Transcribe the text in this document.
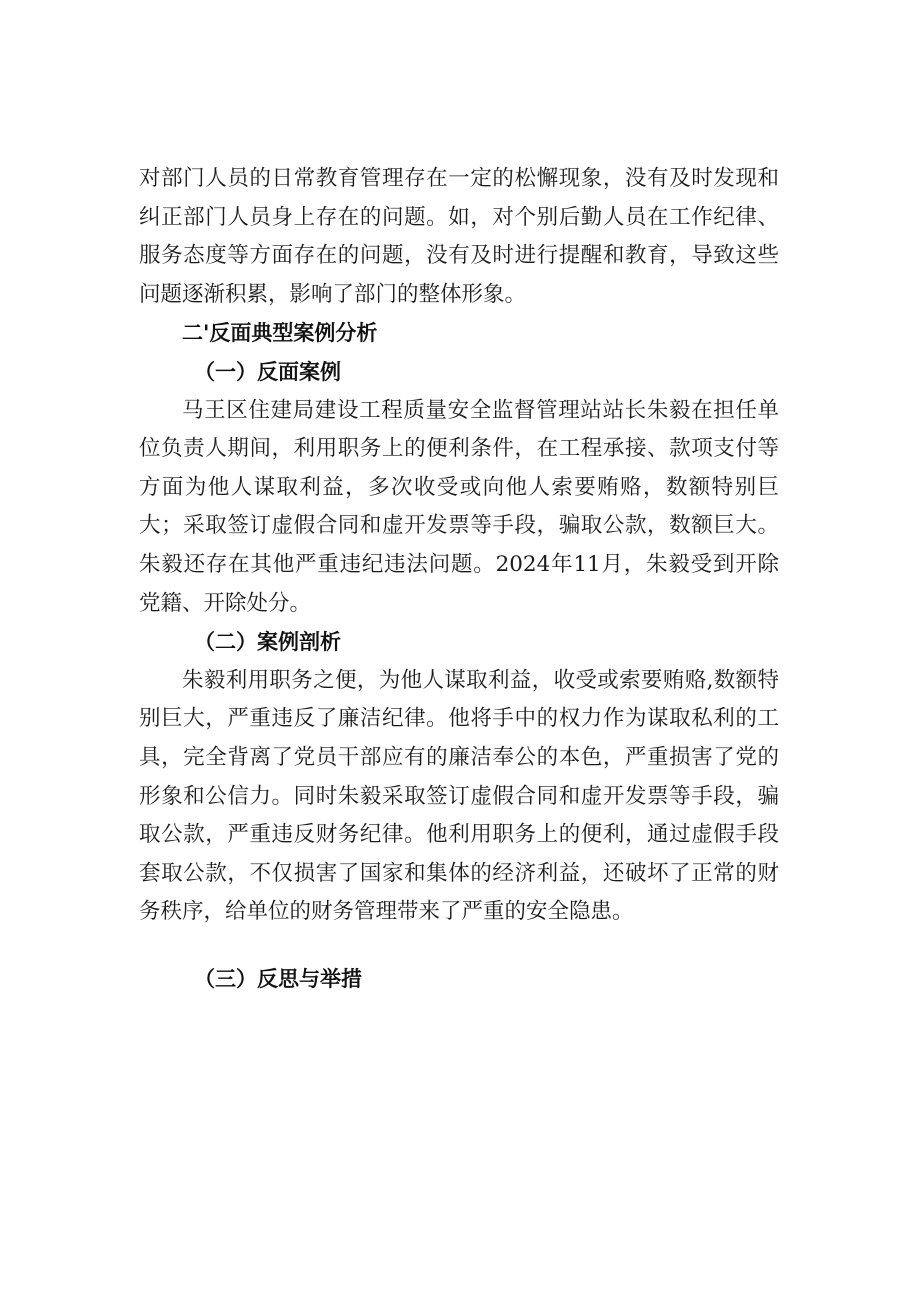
对部门人员的日常教育管理存在一定的松懈现象，没有及时发现和纠正部门人员身上存在的问题。如，对个别后勤人员在工作纪律、服务态度等方面存在的问题，没有及时进行提醒和教育，导致这些问题逐渐积累，影响了部门的整体形象。

二'反面典型案例分析

（一）反面案例

马王区住建局建设工程质量安全监督管理站站长朱毅在担任单位负责人期间，利用职务上的便利条件，在工程承接、款项支付等方面为他人谋取利益，多次收受或向他人索要贿赂，数额特别巨大；采取签订虚假合同和虚开发票等手段，骗取公款，数额巨大。朱毅还存在其他严重违纪违法问题。2024年11月，朱毅受到开除党籍、开除处分。

（二）案例剖析

朱毅利用职务之便，为他人谋取利益，收受或索要贿赂,数额特别巨大，严重违反了廉洁纪律。他将手中的权力作为谋取私利的工具，完全背离了党员干部应有的廉洁奉公的本色，严重损害了党的形象和公信力。同时朱毅采取签订虚假合同和虚开发票等手段，骗取公款，严重违反财务纪律。他利用职务上的便利，通过虚假手段套取公款，不仅损害了国家和集体的经济利益，还破坏了正常的财务秩序，给单位的财务管理带来了严重的安全隐患。

（三）反思与举措
